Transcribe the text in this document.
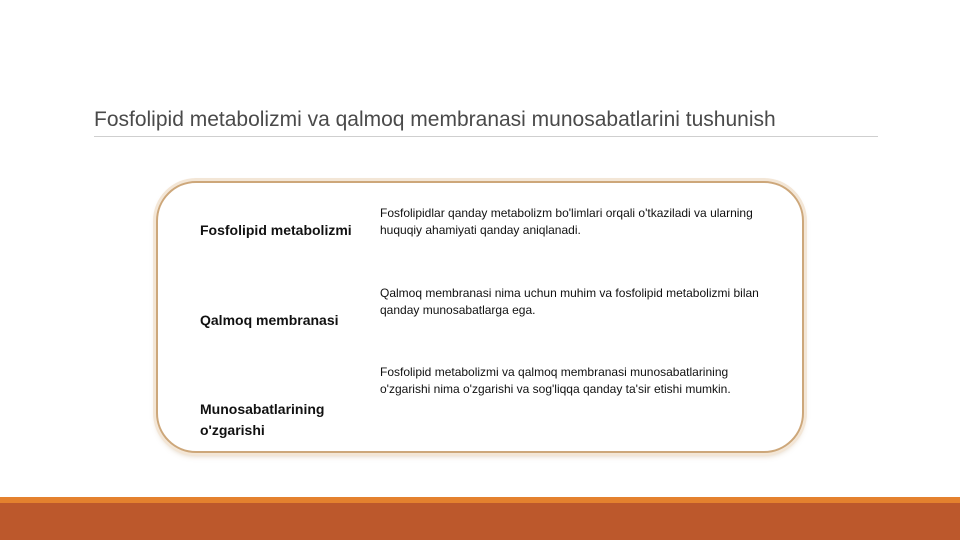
Fosfolipid metabolizmi va qalmoq membranasi munosabatlarini tushunish
Fosfolipid metabolizmi
Fosfolipidlar qanday metabolizm bo'limlari orqali o'tkaziladi va ularning huquqiy ahamiyati qanday aniqlanadi.
Qalmoq membranasi
Qalmoq membranasi nima uchun muhim va fosfolipid metabolizmi bilan qanday munosabatlarga ega.
Munosabatlarining o'zgarishi
Fosfolipid metabolizmi va qalmoq membranasi munosabatlarining o'zgarishi nima o'zgarishi va sog'liqqa qanday ta'sir etishi mumkin.
